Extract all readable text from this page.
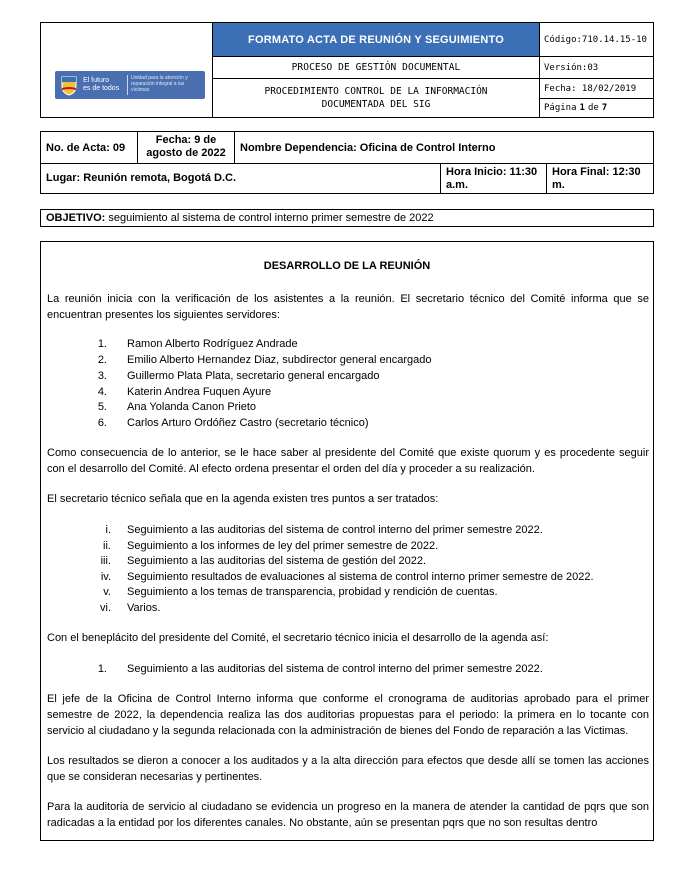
El futuro
es de todos
Unidad para la atención y reparación integral a las víctimas
FORMATO ACTA DE REUNIÓN Y SEGUIMIENTO
PROCESO DE GESTIÓN DOCUMENTAL
PROCEDIMIENTO CONTROL DE LA INFORMACIÓN
DOCUMENTADA DEL SIG
Código:710.14.15-10
Versión:03
Fecha: 18/02/2019
Página 1 de 7
No. de Acta: 09
Fecha: 9 de
agosto de 2022	Nombre Dependencia: Oficina de Control Interno
Lugar: Reunión remota, Bogotá D.C.	Hora Inicio: 11:30
a.m.
Hora Final: 12:30
m.
OBJETIVO: seguimiento al sistema de control interno primer semestre de 2022
DESARROLLO DE LA REUNIÓN
La reunión inicia con la verificación de los asistentes a la reunión. El secretario técnico del Comité informa que se encuentran presentes los siguientes servidores:
1. Ramon Alberto Rodríguez Andrade
2. Emilio Alberto Hernandez Diaz, subdirector general encargado
3. Guillermo Plata Plata, secretario general encargado
4. Katerin Andrea Fuquen Ayure
5. Ana Yolanda Canon Prieto
6. Carlos Arturo Ordóñez Castro (secretario técnico)
Como consecuencia de lo anterior, se le hace saber al presidente del Comité que existe quorum y es procedente seguir con el desarrollo del Comité. Al efecto ordena presentar el orden del día y proceder a su realización.
El secretario técnico señala que en la agenda existen tres puntos a ser tratados:
i. Seguimiento a las auditorias del sistema de control interno del primer semestre 2022.
ii. Seguimiento a los informes de ley del primer semestre de 2022.
iii. Seguimiento a las auditorias del sistema de gestión del 2022.
iv. Seguimiento resultados de evaluaciones al sistema de control interno primer semestre de 2022.
v. Seguimiento a los temas de transparencia, probidad y rendición de cuentas.
vi. Varios.
Con el beneplácito del presidente del Comité, el secretario técnico inicia el desarrollo de la agenda así:
1. Seguimiento a las auditorias del sistema de control interno del primer semestre 2022.
El jefe de la Oficina de Control Interno informa que conforme el cronograma de auditorias aprobado para el primer semestre de 2022, la dependencia realiza las dos auditorias propuestas para el periodo: la primera en lo tocante con servicio al ciudadano y la segunda relacionada con la administración de bienes del Fondo de reparación a las Victimas.
Los resultados se dieron a conocer a los auditados y a la alta dirección para efectos que desde allí se tomen las acciones que se consideran necesarias y pertinentes.
Para la auditoria de servicio al ciudadano se evidencia un progreso en la manera de atender la cantidad de pqrs que son radicadas a la entidad por los diferentes canales. No obstante, aún se presentan pqrs que no son resultas dentro
